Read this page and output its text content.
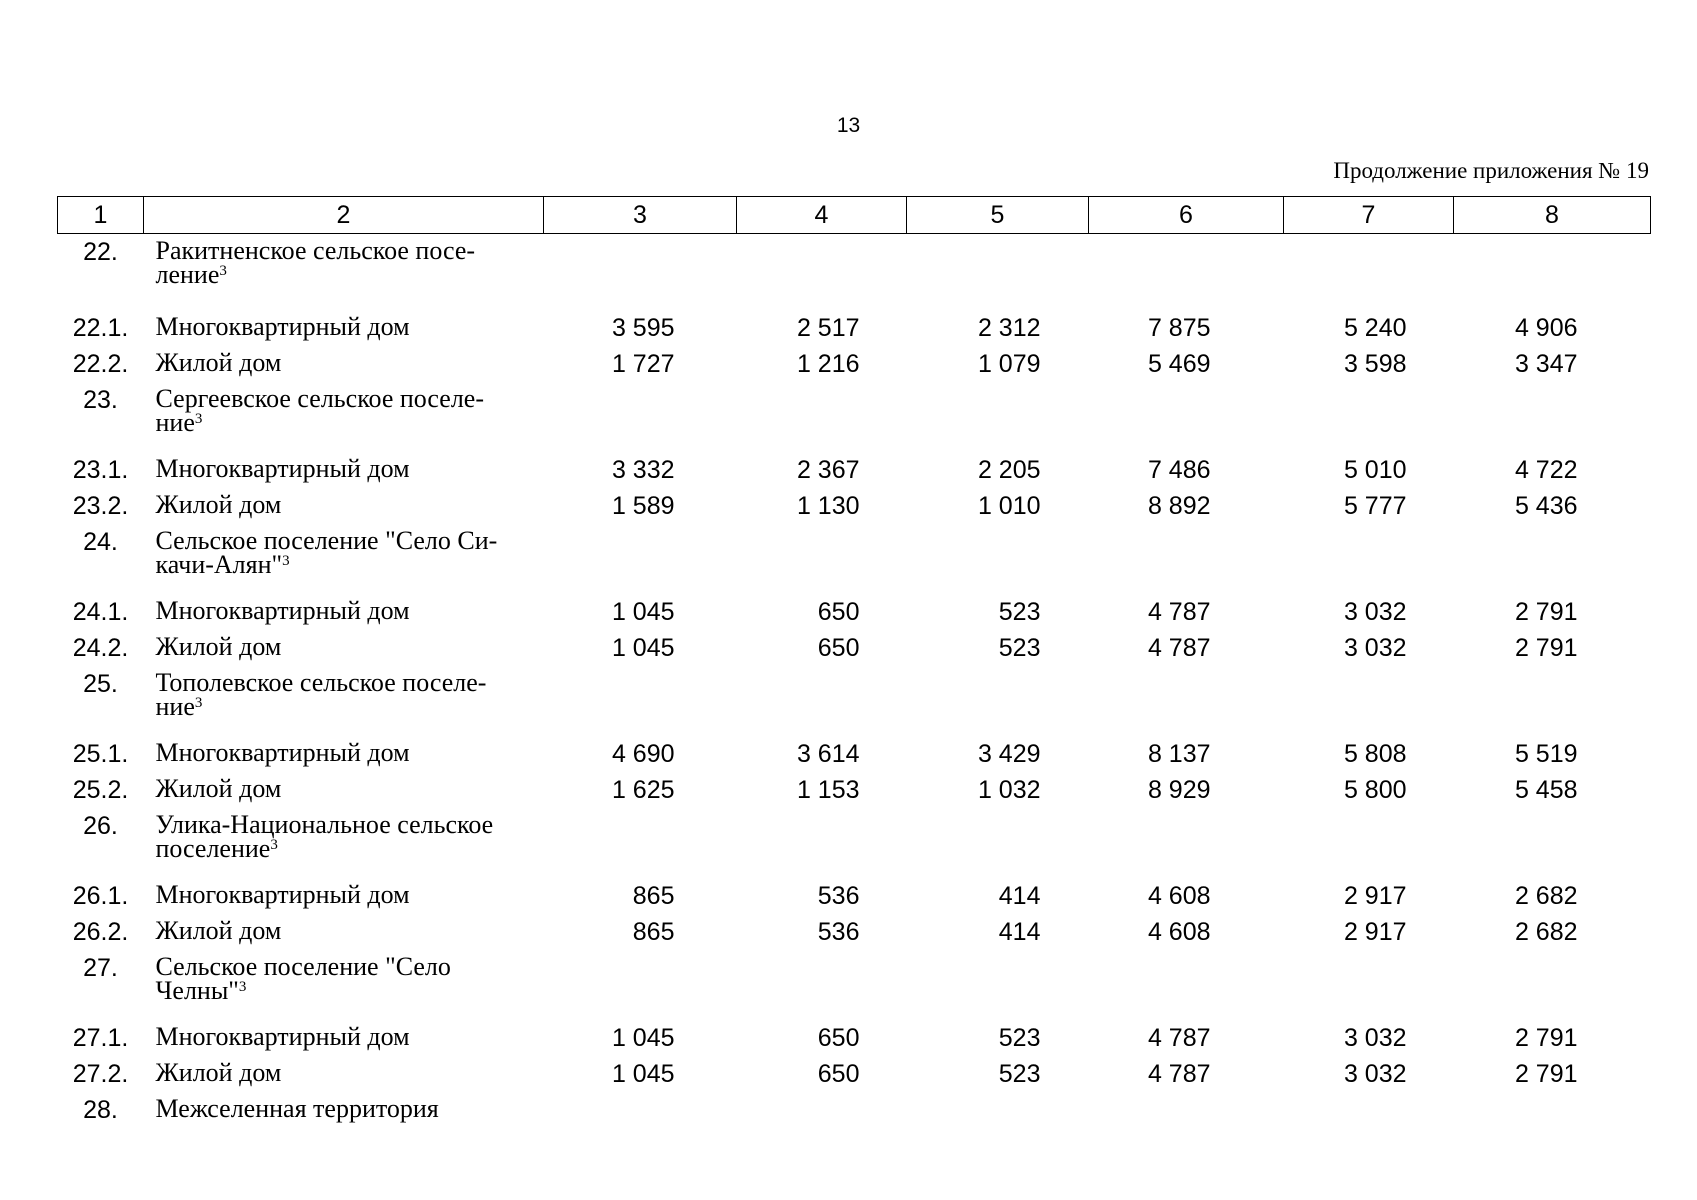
13
Продолжение приложения № 19
1	2	3	4	5	6	7	8
22.	Ракитненское сельское посе-
ление$^3$						
22.1.	Многоквартирный дом	3 595	2 517	2 312	7 875	5 240	4 906
22.2.	Жилой дом	1 727	1 216	1 079	5 469	3 598	3 347
23.	Сергеевское сельское поселе-
ние$^3$						
23.1.	Многоквартирный дом	3 332	2 367	2 205	7 486	5 010	4 722
23.2.	Жилой дом	1 589	1 130	1 010	8 892	5 777	5 436
24.	Сельское поселение "Село Си-
качи-Алян"$^3$						
24.1.	Многоквартирный дом	1 045	650	523	4 787	3 032	2 791
24.2.	Жилой дом	1 045	650	523	4 787	3 032	2 791
25.	Тополевское сельское поселе-
ние$^3$						
25.1.	Многоквартирный дом	4 690	3 614	3 429	8 137	5 808	5 519
25.2.	Жилой дом	1 625	1 153	1 032	8 929	5 800	5 458
26.	Улика-Национальное сельское
поселение$^3$						
26.1.	Многоквартирный дом	865	536	414	4 608	2 917	2 682
26.2.	Жилой дом	865	536	414	4 608	2 917	2 682
27.	Сельское поселение "Село
Челны"$^3$						
27.1.	Многоквартирный дом	1 045	650	523	4 787	3 032	2 791
27.2.	Жилой дом	1 045	650	523	4 787	3 032	2 791
28.	Межселенная территория						
